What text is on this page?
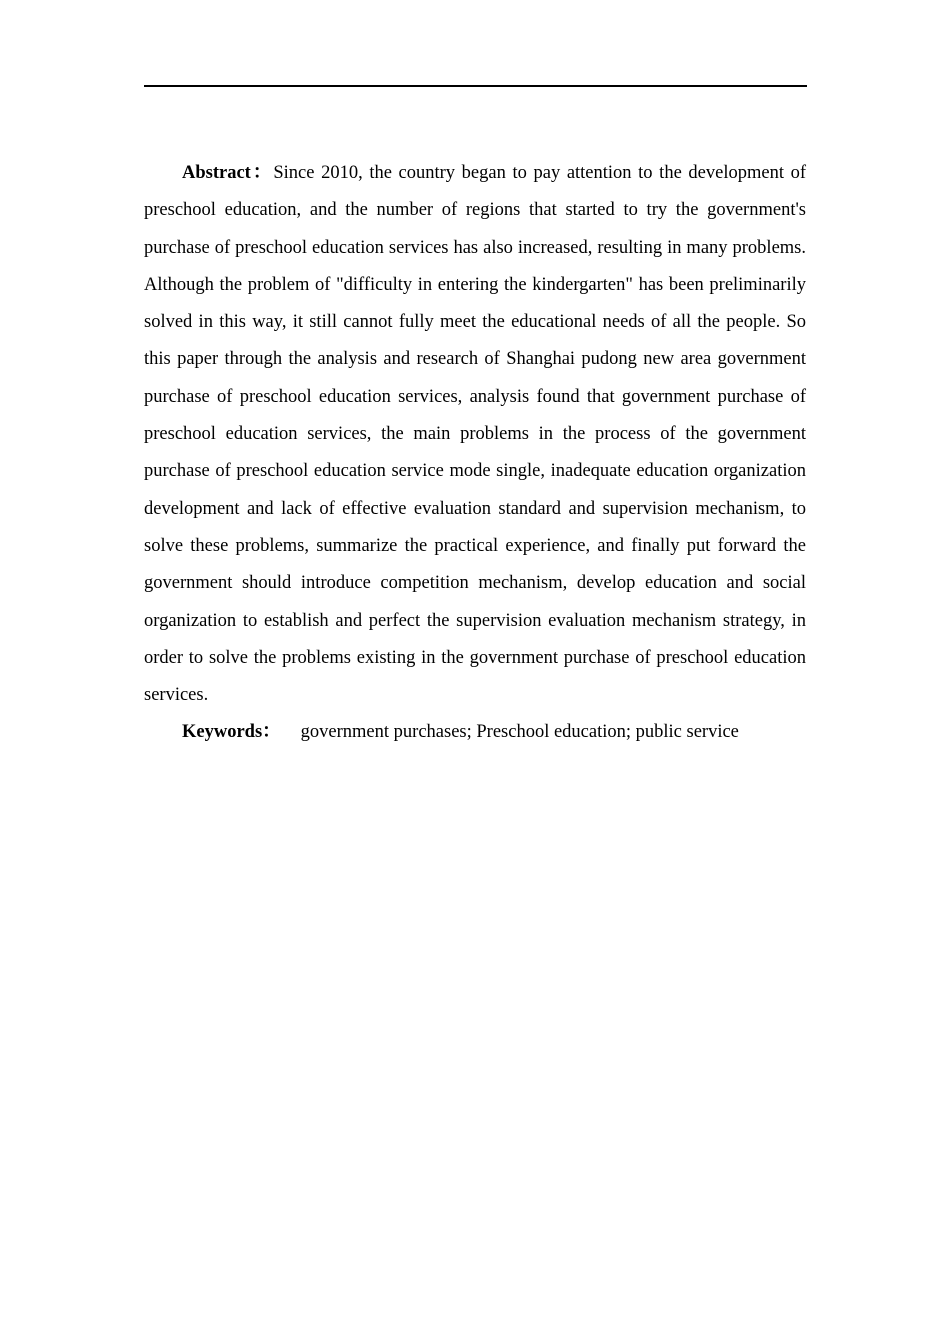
Abstract：Since 2010, the country began to pay attention to the development of preschool education, and the number of regions that started to try the government's purchase of preschool education services has also increased, resulting in many problems. Although the problem of "difficulty in entering the kindergarten" has been preliminarily solved in this way, it still cannot fully meet the educational needs of all the people. So this paper through the analysis and research of Shanghai pudong new area government purchase of preschool education services, analysis found that government purchase of preschool education services, the main problems in the process of the government purchase of preschool education service mode single, inadequate education organization development and lack of effective evaluation standard and supervision mechanism, to solve these problems, summarize the practical experience, and finally put forward the government should introduce competition mechanism, develop education and social organization to establish and perfect the supervision evaluation mechanism strategy, in order to solve the problems existing in the government purchase of preschool education services.

Keywords： government purchases; Preschool education; public service
